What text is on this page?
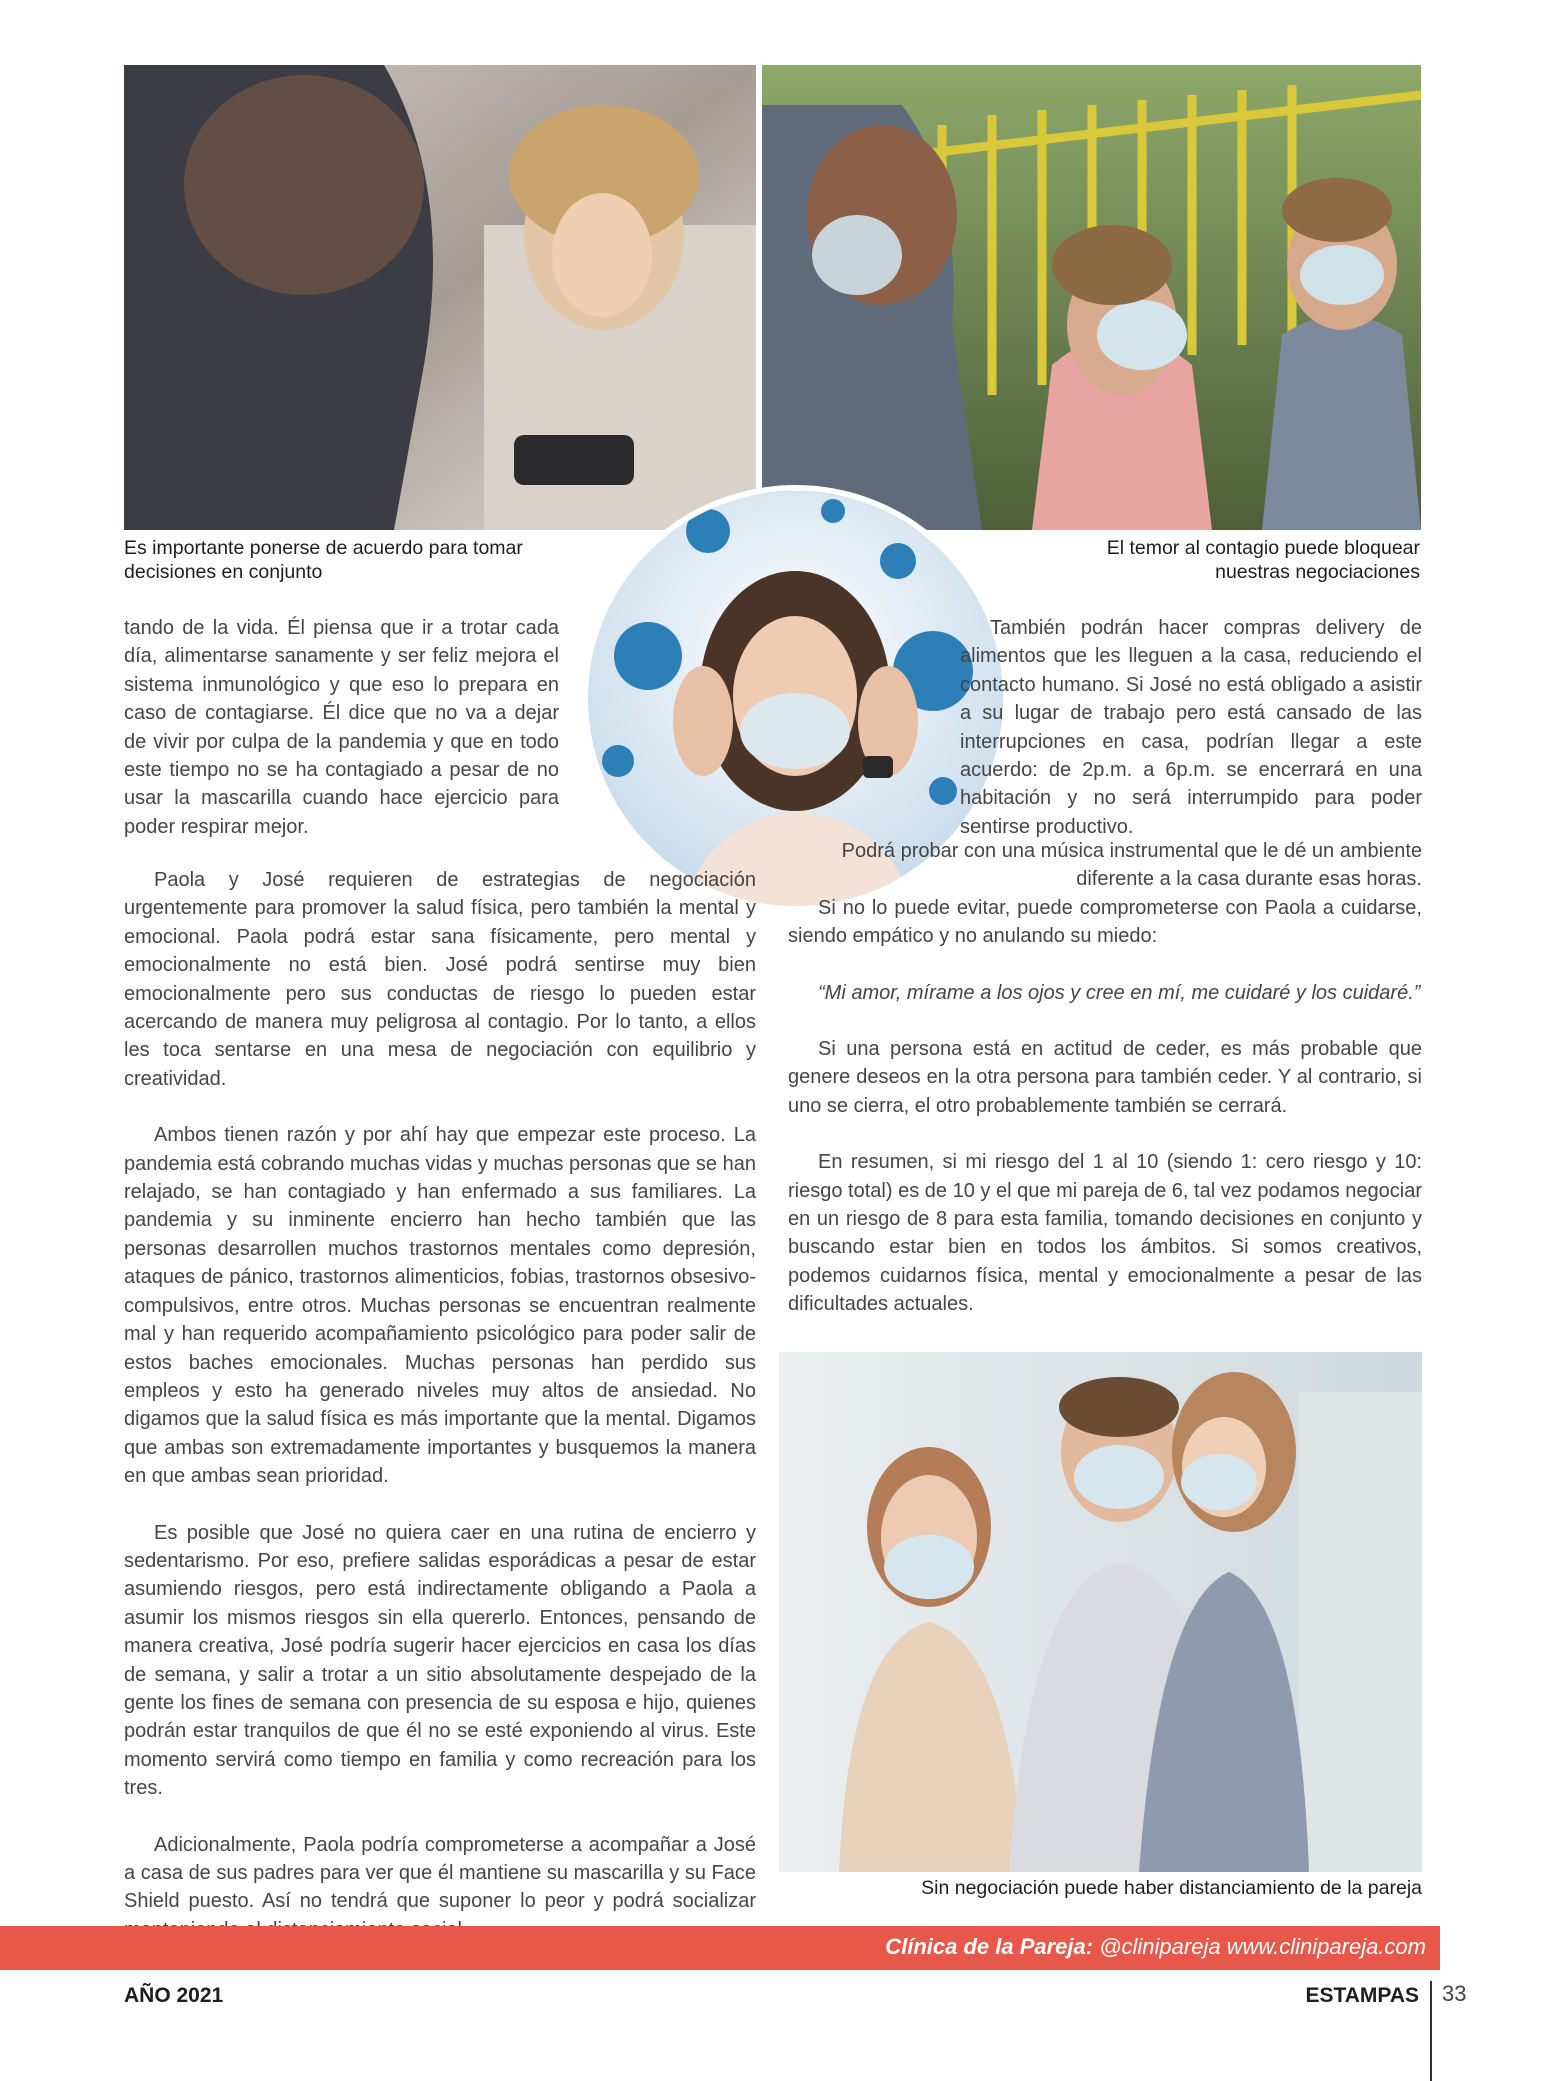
Es importante ponerse de acuerdo para tomar decisiones en conjunto
El temor al contagio puede bloquear nuestras negociaciones

tando de la vida. Él piensa que ir a trotar cada día, alimentarse sanamente y ser feliz mejora el sistema inmunológico y que eso lo prepara en caso de contagiarse. Él dice que no va a dejar de vivir por culpa de la pandemia y que en todo este tiempo no se ha contagiado a pesar de no usar la mascarilla cuando hace ejercicio para poder respirar mejor.

Paola y José requieren de estrategias de negociación urgentemente para promover la salud física, pero también la mental y emocional. Paola podrá estar sana físicamente, pero mental y emocionalmente no está bien. José podrá sentirse muy bien emocionalmente pero sus conductas de riesgo lo pueden estar acercando de manera muy peligrosa al contagio. Por lo tanto, a ellos les toca sentarse en una mesa de negociación con equilibrio y creatividad.

Ambos tienen razón y por ahí hay que empezar este proceso. La pandemia está cobrando muchas vidas y muchas personas que se han relajado, se han contagiado y han enfermado a sus familiares. La pandemia y su inminente encierro han hecho también que las personas desarrollen muchos trastornos mentales como depresión, ataques de pánico, trastornos alimenticios, fobias, trastornos obsesivo-compulsivos, entre otros. Muchas personas se encuentran realmente mal y han requerido acompañamiento psicológico para poder salir de estos baches emocionales. Muchas personas han perdido sus empleos y esto ha generado niveles muy altos de ansiedad. No digamos que la salud física es más importante que la mental. Digamos que ambas son extremadamente importantes y busquemos la manera en que ambas sean prioridad.

Es posible que José no quiera caer en una rutina de encierro y sedentarismo. Por eso, prefiere salidas esporádicas a pesar de estar asumiendo riesgos, pero está indirectamente obligando a Paola a asumir los mismos riesgos sin ella quererlo. Entonces, pensando de manera creativa, José podría sugerir hacer ejercicios en casa los días de semana, y salir a trotar a un sitio absolutamente despejado de la gente los fines de semana con presencia de su esposa e hijo, quienes podrán estar tranquilos de que él no se esté exponiendo al virus. Este momento servirá como tiempo en familia y como recreación para los tres.

Adicionalmente, Paola podría comprometerse a acompañar a José a casa de sus padres para ver que él mantiene su mascarilla y su Face Shield puesto. Así no tendrá que suponer lo peor y podrá socializar

También podrán hacer compras delivery de alimentos que les lleguen a la casa, reduciendo el contacto humano. Si José no está obligado a asistir a su lugar de trabajo pero está cansado de las interrupciones en casa, podrían llegar a este acuerdo: de 2p.m. a 6p.m. se encerrará en una habitación y no será interrumpido para poder sentirse productivo.

Podrá probar con una música instrumental que le dé un ambiente diferente a la casa durante esas horas.

Si no lo puede evitar, puede comprometerse con Paola a cuidarse, siendo empático y no anulando su miedo:

“Mi amor, mírame a los ojos y cree en mí, me cuidaré y los cuidaré.”

Si una persona está en actitud de ceder, es más probable que genere deseos en la otra persona para también ceder. Y al contrario, si uno se cierra, el otro probablemente también se cerrará.

En resumen, si mi riesgo del 1 al 10 (siendo 1: cero riesgo y 10: riesgo total) es de 10 y el que mi pareja de 6, tal vez podamos negociar en un riesgo de 8 para esta familia, tomando decisiones en conjunto y buscando estar bien en todos los ámbitos. Si somos creativos, podemos cuidarnos física, mental y emocionalmente a pesar de las dificultades actuales.

Sin negociación puede haber distanciamiento de la pareja
Clínica de la Pareja: @clinipareja www.clinipareja.com
AÑO 2021	ESTAMPAS	33
